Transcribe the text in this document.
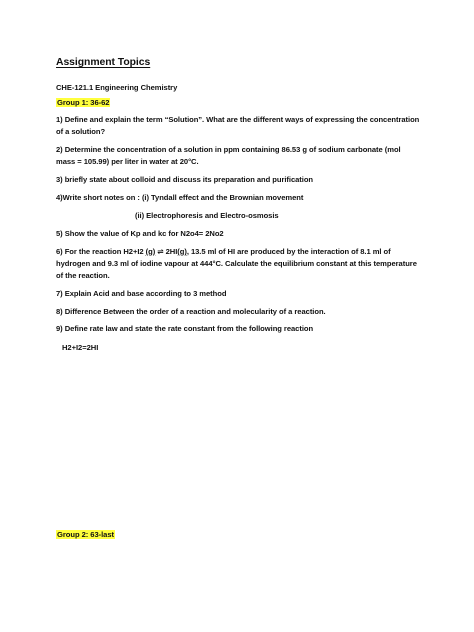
Assignment Topics
CHE-121.1 Engineering Chemistry
Group 1: 36-62
1) Define and explain the term “Solution”. What are the different ways of expressing the concentration
of a solution?
2) Determine the concentration of a solution in ppm containing 86.53 g of sodium carbonate (mol
mass = 105.99) per liter in water at 20°C.
3) briefly state about colloid and discuss its preparation and purification
4)Write short notes on : (i) Tyndall effect and the Brownian movement
(ii) Electrophoresis and Electro-osmosis
5) Show the value of Kp and kc for N2o4= 2No2
6) For the reaction H2+I2 (g) ⇌ 2HI(g), 13.5 ml of HI are produced by the interaction of 8.1 ml of
hydrogen and 9.3 ml of iodine vapour at 444°C. Calculate the equilibrium constant at this temperature
of the reaction.
7) Explain Acid and base according to 3 method
8) Difference Between the order of a reaction and molecularity of a reaction.
9) Define rate law and state the rate constant from the following reaction
H2+I2=2HI
Group 2: 63-last
